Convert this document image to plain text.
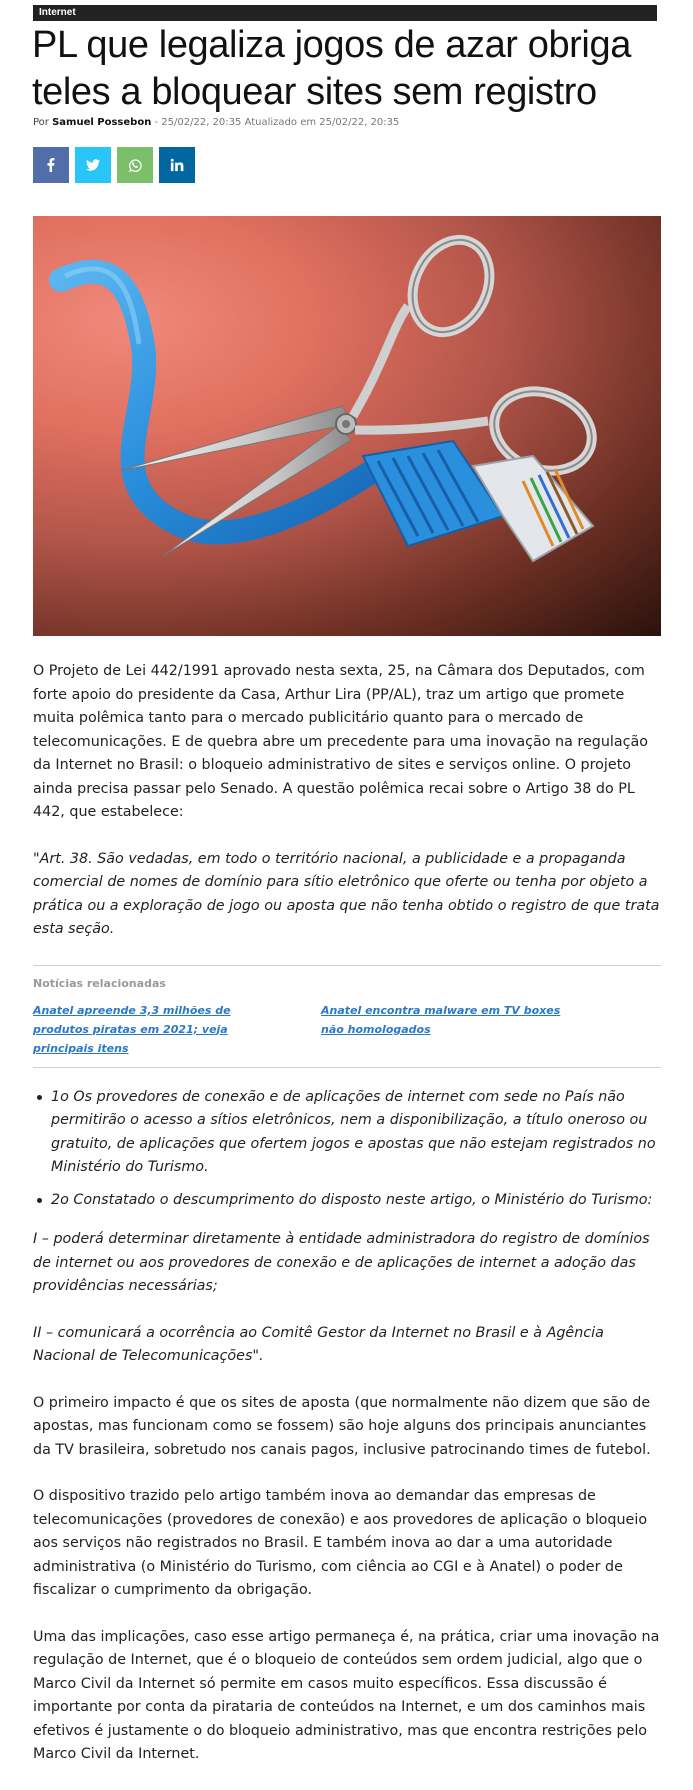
Internet
PL que legaliza jogos de azar obriga teles a bloquear sites sem registro
Por Samuel Possebon - 25/02/22, 20:35 Atualizado em 25/02/22, 20:35

O Projeto de Lei 442/1991 aprovado nesta sexta, 25, na Câmara dos Deputados, com forte apoio do presidente da Casa, Arthur Lira (PP/AL), traz um artigo que promete muita polêmica tanto para o mercado publicitário quanto para o mercado de telecomunicações. E de quebra abre um precedente para uma inovação na regulação da Internet no Brasil: o bloqueio administrativo de sites e serviços online. O projeto ainda precisa passar pelo Senado. A questão polêmica recai sobre o Artigo 38 do PL 442, que estabelece:

"Art. 38. São vedadas, em todo o território nacional, a publicidade e a propaganda comercial de nomes de domínio para sítio eletrônico que oferte ou tenha por objeto a prática ou a exploração de jogo ou aposta que não tenha obtido o registro de que trata esta seção.

Notícias relacionadas
Anatel apreende 3,3 milhões de produtos piratas em 2021; veja principais itens
Anatel encontra malware em TV boxes não homologados
1o Os provedores de conexão e de aplicações de internet com sede no País não permitirão o acesso a sítios eletrônicos, nem a disponibilização, a título oneroso ou gratuito, de aplicações que ofertem jogos e apostas que não estejam registrados no Ministério do Turismo.
2o Constatado o descumprimento do disposto neste artigo, o Ministério do Turismo:

I – poderá determinar diretamente à entidade administradora do registro de domínios de internet ou aos provedores de conexão e de aplicações de internet a adoção das providências necessárias;

II – comunicará a ocorrência ao Comitê Gestor da Internet no Brasil e à Agência Nacional de Telecomunicações".

O primeiro impacto é que os sites de aposta (que normalmente não dizem que são de apostas, mas funcionam como se fossem) são hoje alguns dos principais anunciantes da TV brasileira, sobretudo nos canais pagos, inclusive patrocinando times de futebol.

O dispositivo trazido pelo artigo também inova ao demandar das empresas de telecomunicações (provedores de conexão) e aos provedores de aplicação o bloqueio aos serviços não registrados no Brasil. E também inova ao dar a uma autoridade administrativa (o Ministério do Turismo, com ciência ao CGI e à Anatel) o poder de fiscalizar o cumprimento da obrigação.

Uma das implicações, caso esse artigo permaneça é, na prática, criar uma inovação na regulação de Internet, que é o bloqueio de conteúdos sem ordem judicial, algo que o Marco Civil da Internet só permite em casos muito específicos. Essa discussão é importante por conta da pirataria de conteúdos na Internet, e um dos caminhos mais efetivos é justamente o do bloqueio administrativo, mas que encontra restrições pelo Marco Civil da Internet.
